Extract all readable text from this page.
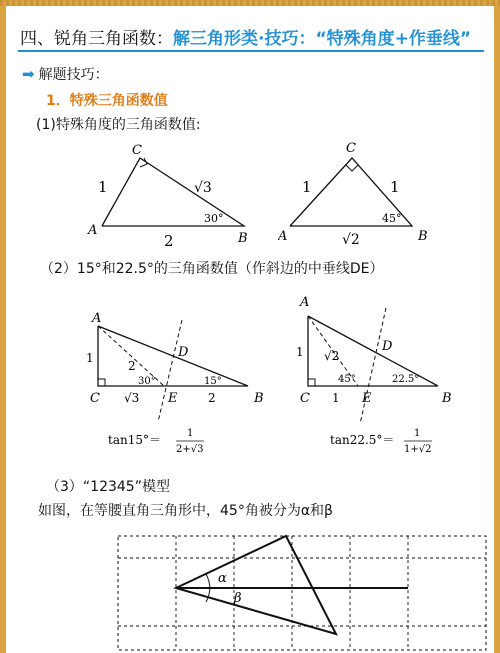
四、锐角三角函数：解三角形类·技巧：“特殊角度+作垂线”
➡ 解题技巧：
1．特殊三角函数值
(1)特殊角度的三角函数值:
C
A
B
1	√3
2
30°
C
A	B
1	1
√2
45°
（2）15°和22.5°的三角函数值（作斜边的中垂线DE）
A
D
C	E	B
1
2
√3	2
30°	15°
tan15°＝	1
2+√3
A
D
C	E	B
1 √2
1
45°	22.5°
tan22.5°＝ 1
1+√2
（3）“12345”模型
如图，在等腰直角三角形中，45°角被分为α和β
α
β
